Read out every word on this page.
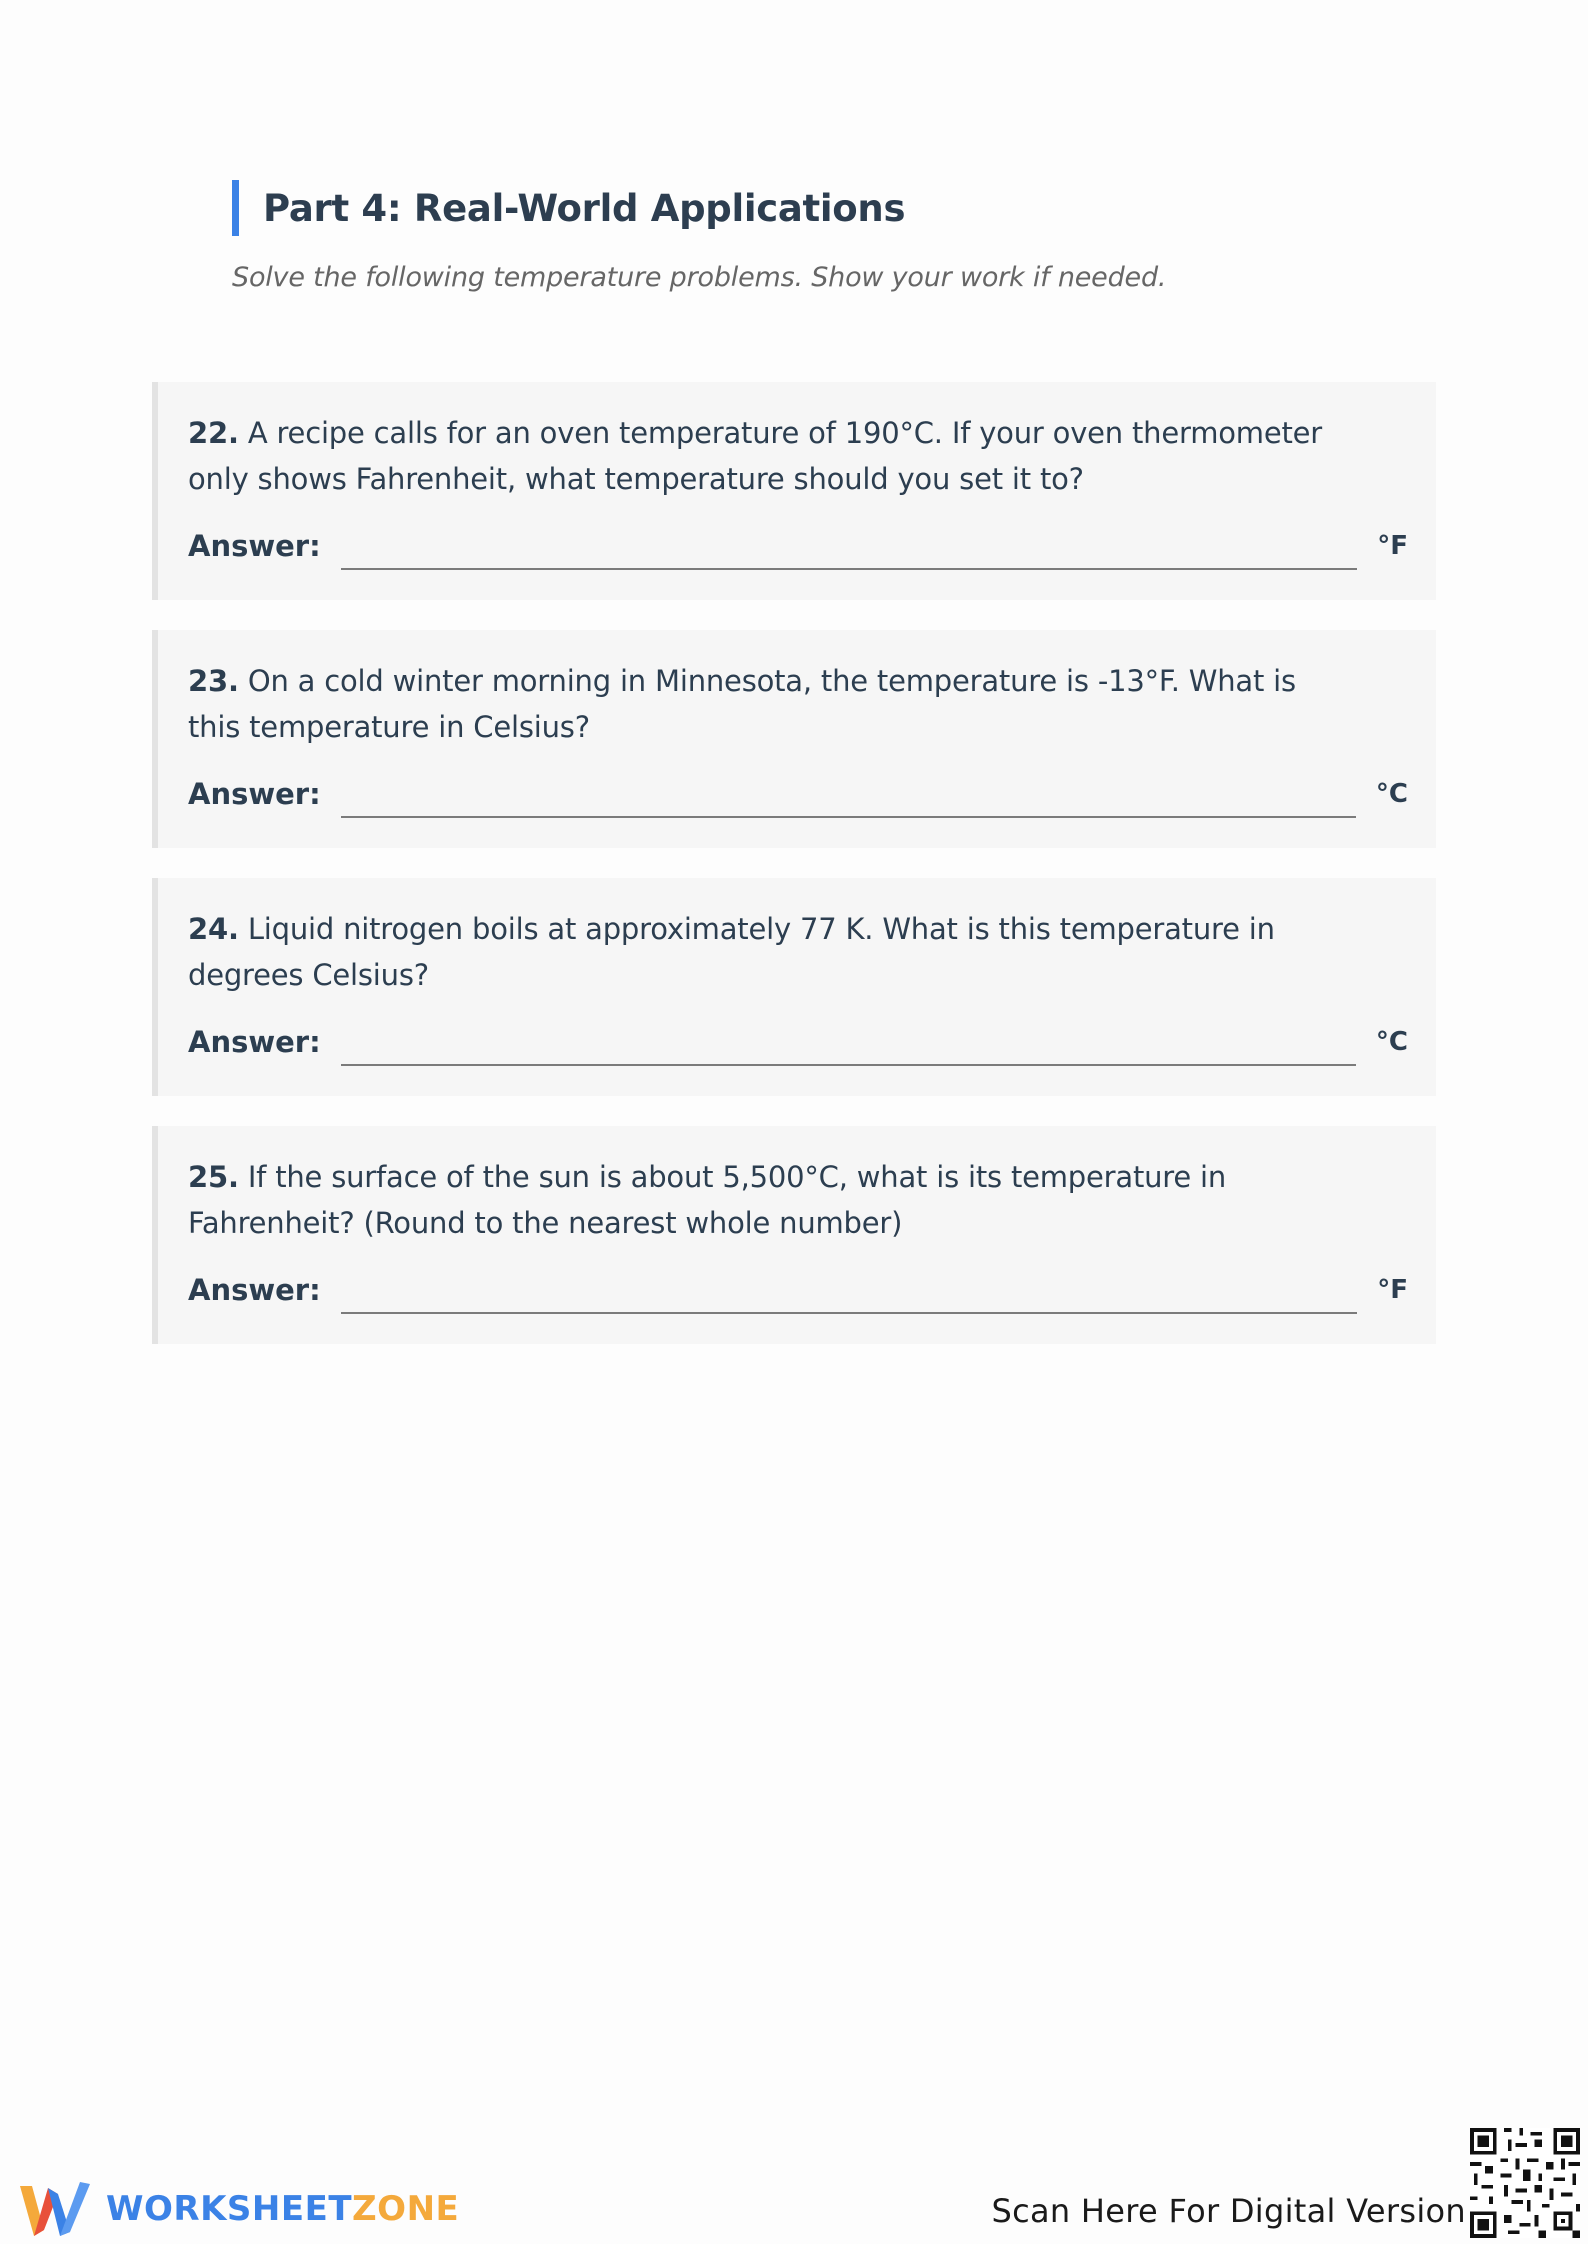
Part 4: Real-World Applications
Solve the following temperature problems. Show your work if needed.
22. A recipe calls for an oven temperature of 190°C. If your oven thermometer only shows Fahrenheit, what temperature should you set it to?
Answer:	°F
23. On a cold winter morning in Minnesota, the temperature is -13°F. What is this temperature in Celsius?
Answer:	°C
24. Liquid nitrogen boils at approximately 77 K. What is this temperature in degrees Celsius?
Answer:	°C
25. If the surface of the sun is about 5,500°C, what is its temperature in Fahrenheit? (Round to the nearest whole number)
Answer:	°F
WORKSHEETZONE	Scan Here For Digital Version
